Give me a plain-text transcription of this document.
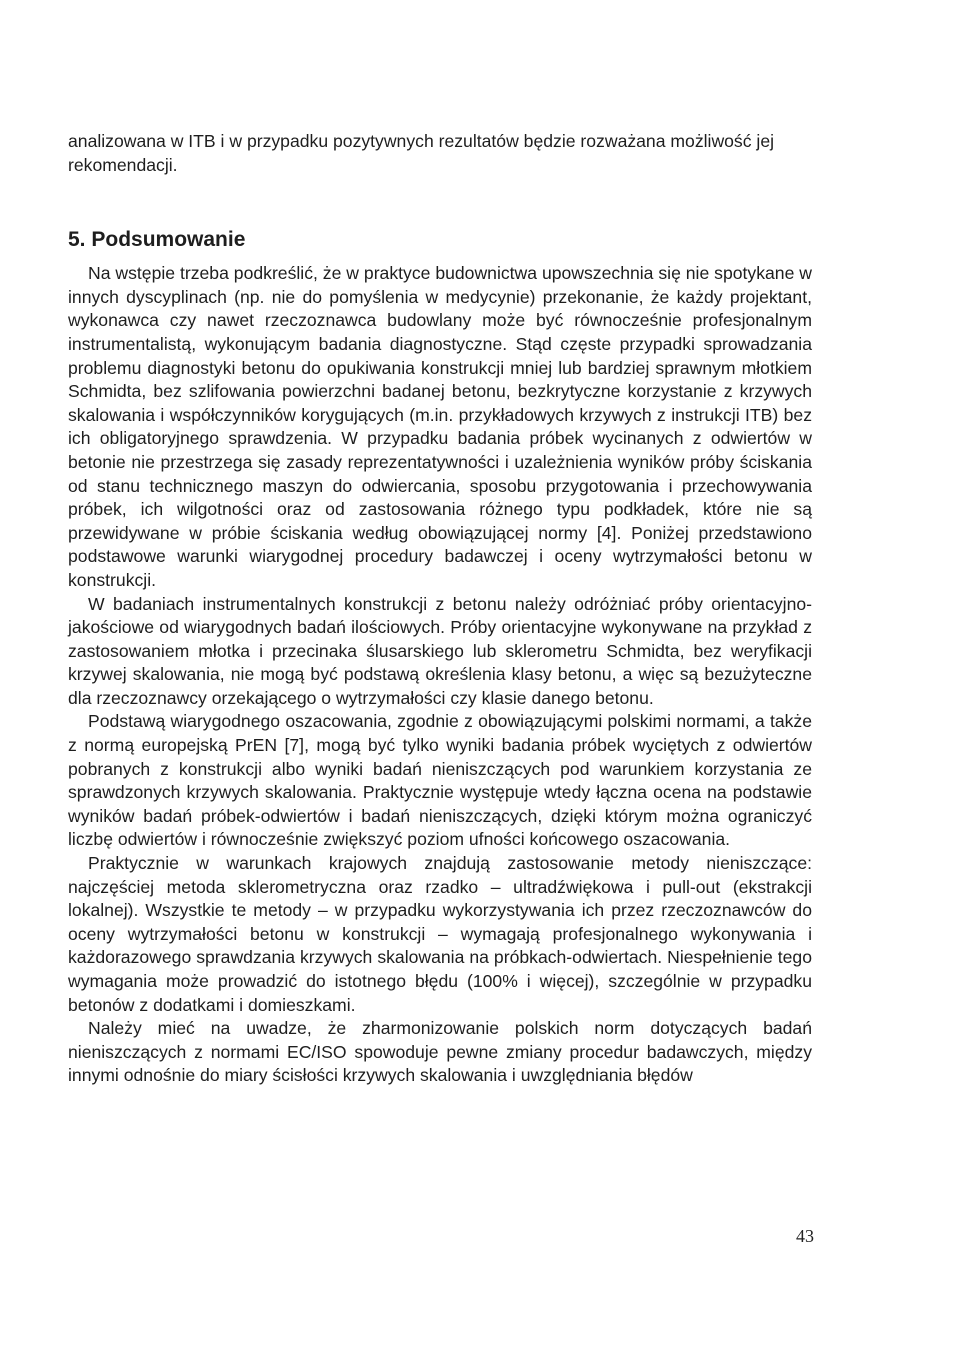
analizowana w ITB i w przypadku pozytywnych rezultatów będzie rozważana możliwość jej rekomendacji.

5. Podsumowanie

Na wstępie trzeba podkreślić, że w praktyce budownictwa upowszechnia się nie spotykane w innych dyscyplinach (np. nie do pomyślenia w medycynie) przekonanie, że każdy projektant, wykonawca czy nawet rzeczoznawca budowlany może być równocześnie profesjonalnym instrumentalistą, wykonującym badania diagnostyczne. Stąd częste przypadki sprowadzania problemu diagnostyki betonu do opukiwania konstrukcji mniej lub bardziej sprawnym młotkiem Schmidta, bez szlifowania powierzchni badanej betonu, bezkrytyczne korzystanie z krzywych skalowania i współczynników korygujących (m.in. przykładowych krzywych z instrukcji ITB) bez ich obligatoryjnego sprawdzenia. W przypadku badania próbek wycinanych z odwiertów w betonie nie przestrzega się zasady reprezentatywności i uzależnienia wyników próby ściskania od stanu technicznego maszyn do odwiercania, sposobu przygotowania i przechowywania próbek, ich wilgotności oraz od zastosowania różnego typu podkładek, które nie są przewidywane w próbie ściskania według obowiązującej normy [4]. Poniżej przedstawiono podstawowe warunki wiarygodnej procedury badawczej i oceny wytrzymałości betonu w konstrukcji.

W badaniach instrumentalnych konstrukcji z betonu należy odróżniać próby orientacyjno-jakościowe od wiarygodnych badań ilościowych. Próby orientacyjne wykonywane na przykład z zastosowaniem młotka i przecinaka ślusarskiego lub sklerometru Schmidta, bez weryfikacji krzywej skalowania, nie mogą być podstawą określenia klasy betonu, a więc są bezużyteczne dla rzeczoznawcy orzekającego o wytrzymałości czy klasie danego betonu.

Podstawą wiarygodnego oszacowania, zgodnie z obowiązującymi polskimi normami, a także z normą europejską PrEN [7], mogą być tylko wyniki badania próbek wyciętych z odwiertów pobranych z konstrukcji albo wyniki badań nieniszczących pod warunkiem korzystania ze sprawdzonych krzywych skalowania. Praktycznie występuje wtedy łączna ocena na podstawie wyników badań próbek-odwiertów i badań nieniszczących, dzięki którym można ograniczyć liczbę odwiertów i równocześnie zwiększyć poziom ufności końcowego oszacowania.

Praktycznie w warunkach krajowych znajdują zastosowanie metody nieniszczące: najczęściej metoda sklerometryczna oraz rzadko – ultradźwiękowa i pull-out (ekstrakcji lokalnej). Wszystkie te metody – w przypadku wykorzystywania ich przez rzeczoznawców do oceny wytrzymałości betonu w konstrukcji – wymagają profesjonalnego wykonywania i każdorazowego sprawdzania krzywych skalowania na próbkach-odwiertach. Niespełnienie tego wymagania może prowadzić do istotnego błędu (100% i więcej), szczególnie w przypadku betonów z dodatkami i domieszkami.

Należy mieć na uwadze, że zharmonizowanie polskich norm dotyczących badań nieniszczących z normami EC/ISO spowoduje pewne zmiany procedur badawczych, między innymi odnośnie do miary ścisłości krzywych skalowania i uwzględniania błędów

43
